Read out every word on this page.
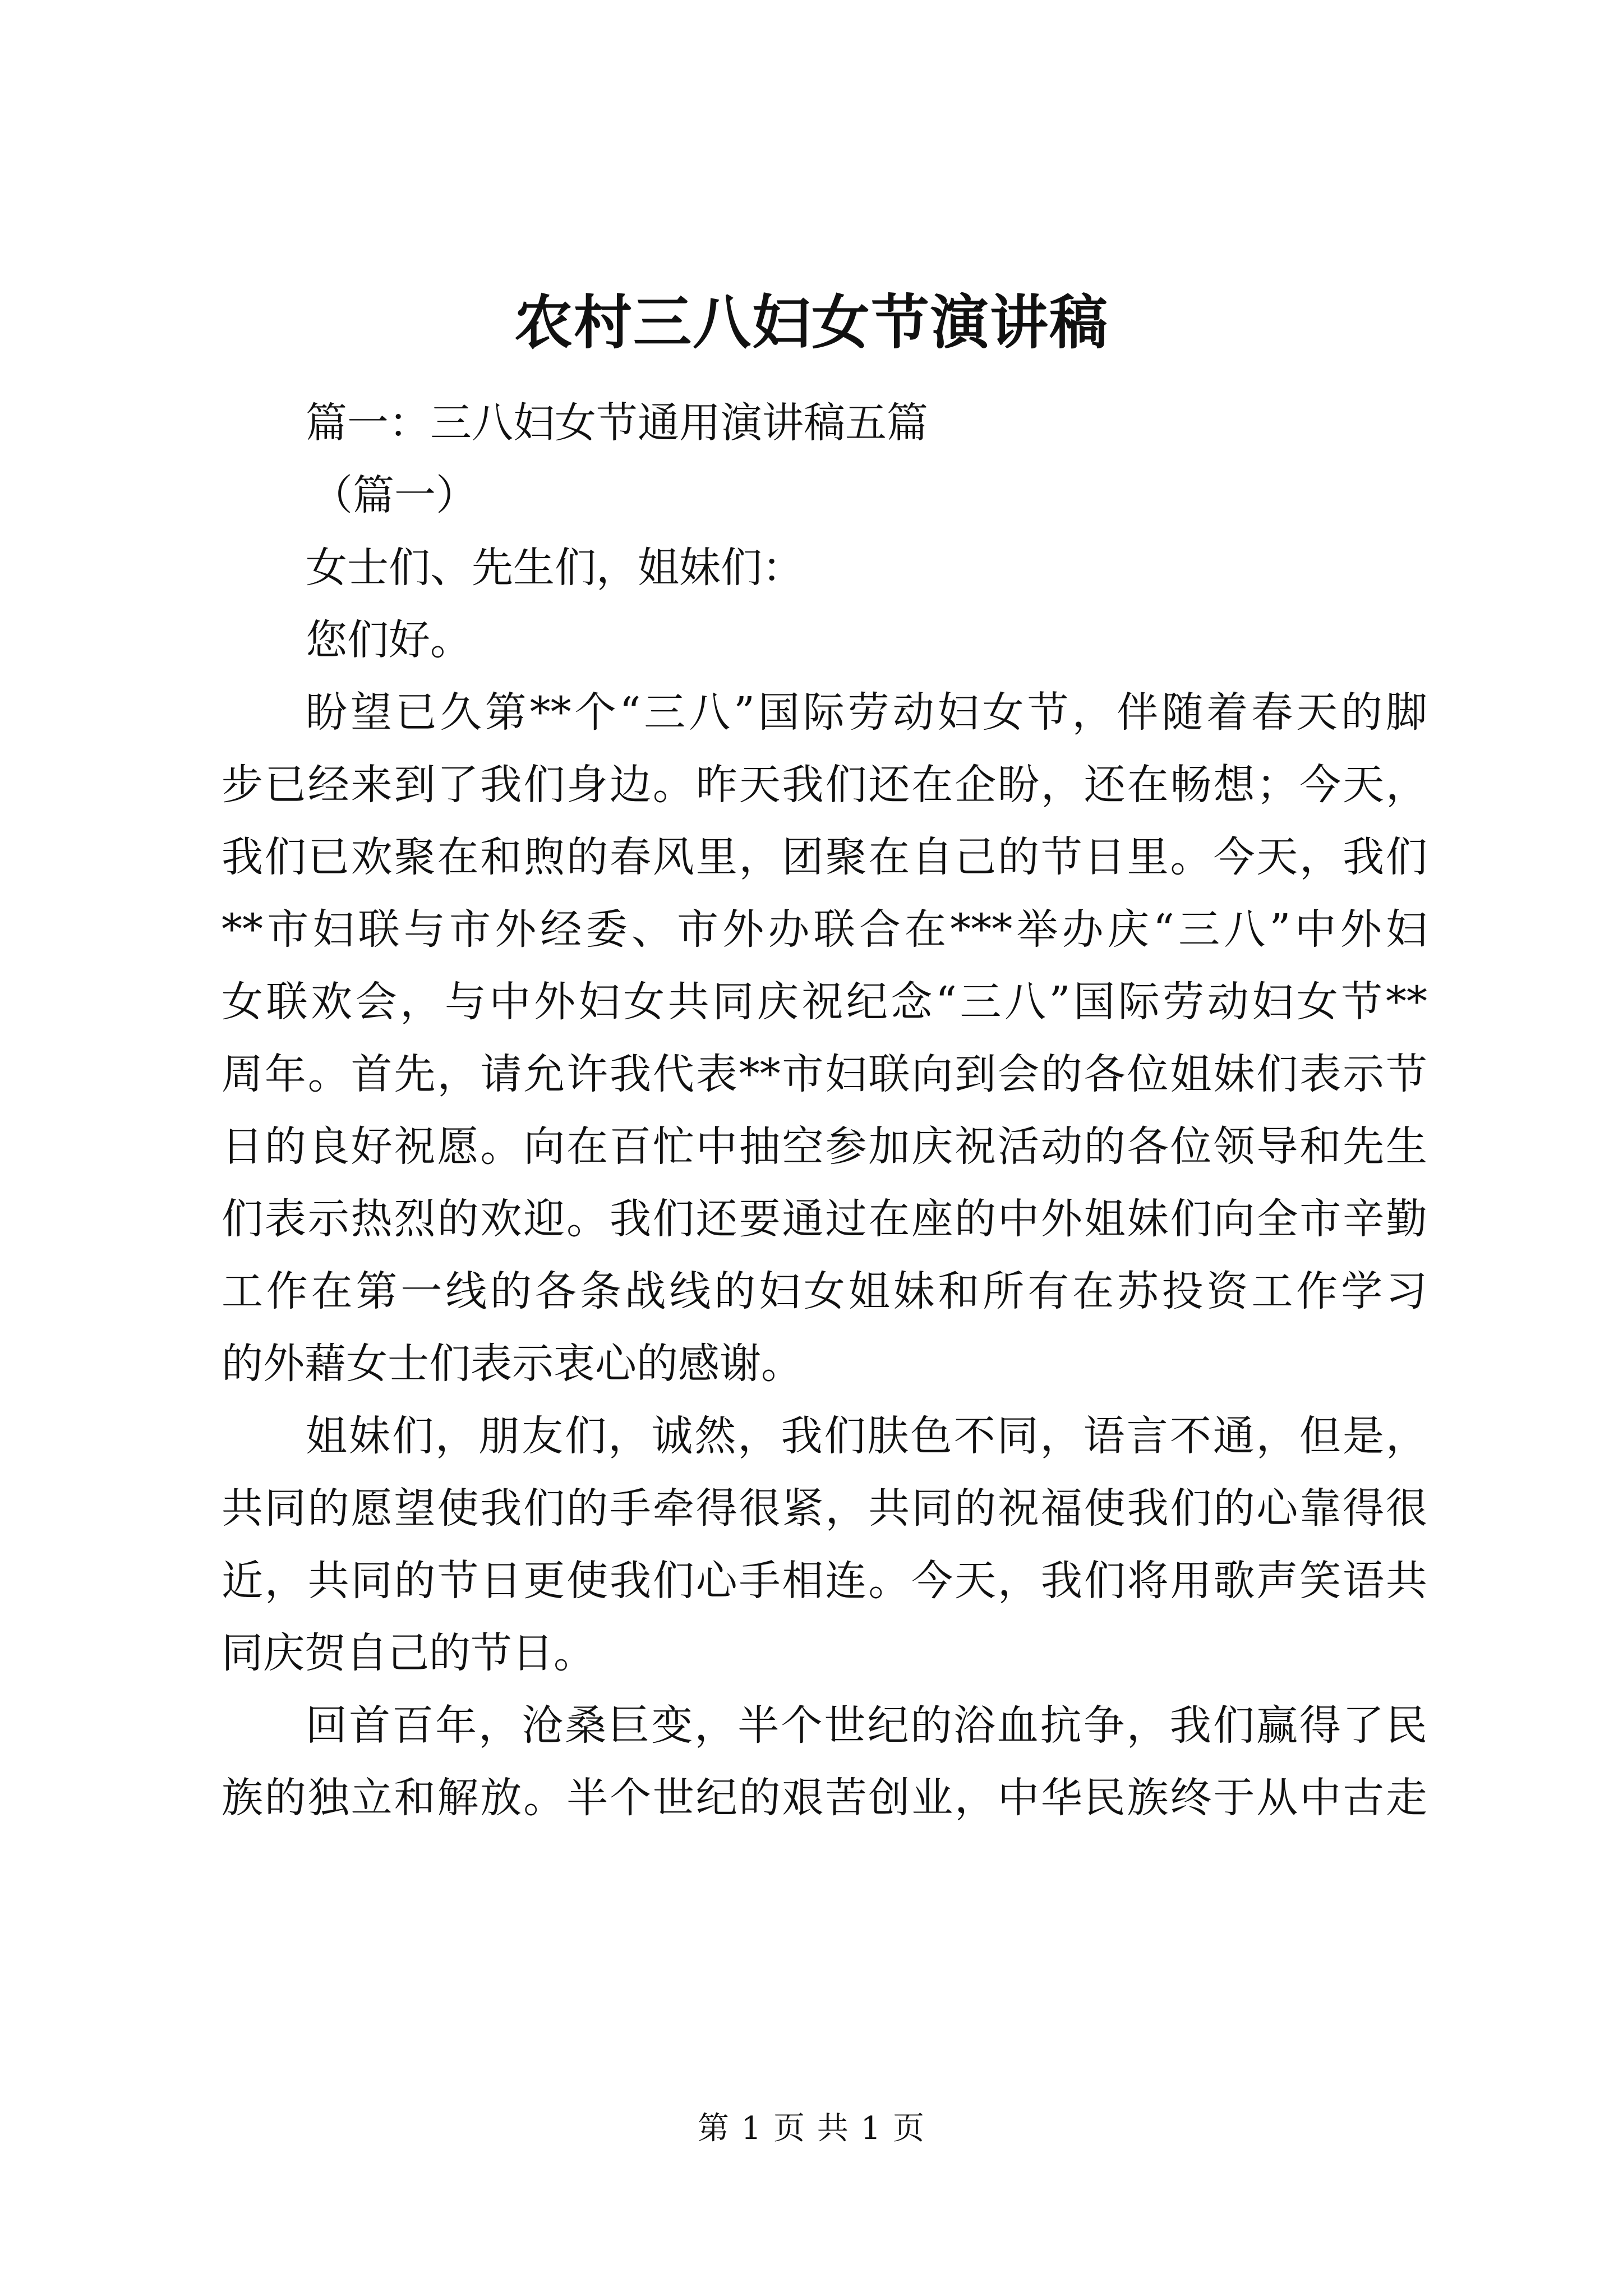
农村三八妇女节演讲稿

篇一：三八妇女节通用演讲稿五篇

（篇一）

女士们、先生们，姐妹们：

您们好。

盼望已久第**个“三八”国际劳动妇女节，伴随着春天的脚

步已经来到了我们身边。昨天我们还在企盼，还在畅想；今天，

我们已欢聚在和煦的春风里，团聚在自己的节日里。今天，我们

**市妇联与市外经委、市外办联合在***举办庆“三八”中外妇

女联欢会，与中外妇女共同庆祝纪念“三八”国际劳动妇女节**

周年。首先，请允许我代表**市妇联向到会的各位姐妹们表示节

日的良好祝愿。向在百忙中抽空参加庆祝活动的各位领导和先生

们表示热烈的欢迎。我们还要通过在座的中外姐妹们向全市辛勤

工作在第一线的各条战线的妇女姐妹和所有在苏投资工作学习

的外藉女士们表示衷心的感谢。

姐妹们，朋友们，诚然，我们肤色不同，语言不通，但是，

共同的愿望使我们的手牵得很紧，共同的祝福使我们的心靠得很

近，共同的节日更使我们心手相连。今天，我们将用歌声笑语共

同庆贺自己的节日。

回首百年，沧桑巨变，半个世纪的浴血抗争，我们赢得了民

族的独立和解放。半个世纪的艰苦创业，中华民族终于从中古走

第 1 页 共 1 页
